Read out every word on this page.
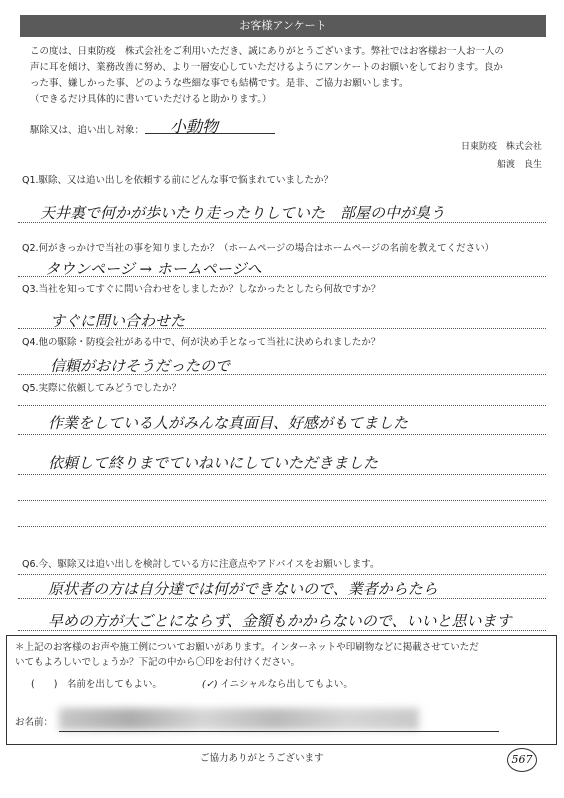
お客様アンケート
この度は、日東防疫　株式会社をご利用いただき、誠にありがとうございます。弊社ではお客様お一人お一人の
声に耳を傾け、業務改善に努め、より一層安心していただけるようにアンケートのお願いをしております。良か
った事、嫌しかった事、どのような些細な事でも結構です。是非、ご協力お願いします。
（できるだけ具体的に書いていただけると助かります。）
駆除又は、追い出し対象： 小動物
日東防疫　株式会社
船渡　良生
Q1.駆除、又は追い出しを依頼する前にどんな事で悩まれていましたか？
天井裏で何かが歩いたり走ったりしていた　部屋の中が臭う
Q2.何がきっかけで当社の事を知りましたか？（ホームページの場合はホームページの名前を教えてください）
タウンページ → ホームページへ
Q3.当社を知ってすぐに問い合わせをしましたか？しなかったとしたら何故ですか？
すぐに問い合わせた
Q4.他の駆除・防疫会社がある中で、何が決め手となって当社に決められましたか？
信頼がおけそうだったので
Q5.実際に依頼してみどうでしたか？
作業をしている人がみんな真面目、好感がもてました
依頼して終りまでていねいにしていただきました
Q6.今、駆除又は追い出しを検討している方に注意点やアドバイスをお願いします。
原状者の方は自分達では何ができないので、業者からたら
早めの方が大ごとにならず、金額もかからないので、いいと思います
＊上記のお客様のお声や施工例についてお願いがあります。インターネットや印刷物などに掲載させていただ
いてもよろしいでしょうか？下記の中から〇印をお付けください。
(　　)　名前を出してもよい。	(✓) イニシャルなら出してもよい。
お名前：
ご協力ありがとうございます	567
